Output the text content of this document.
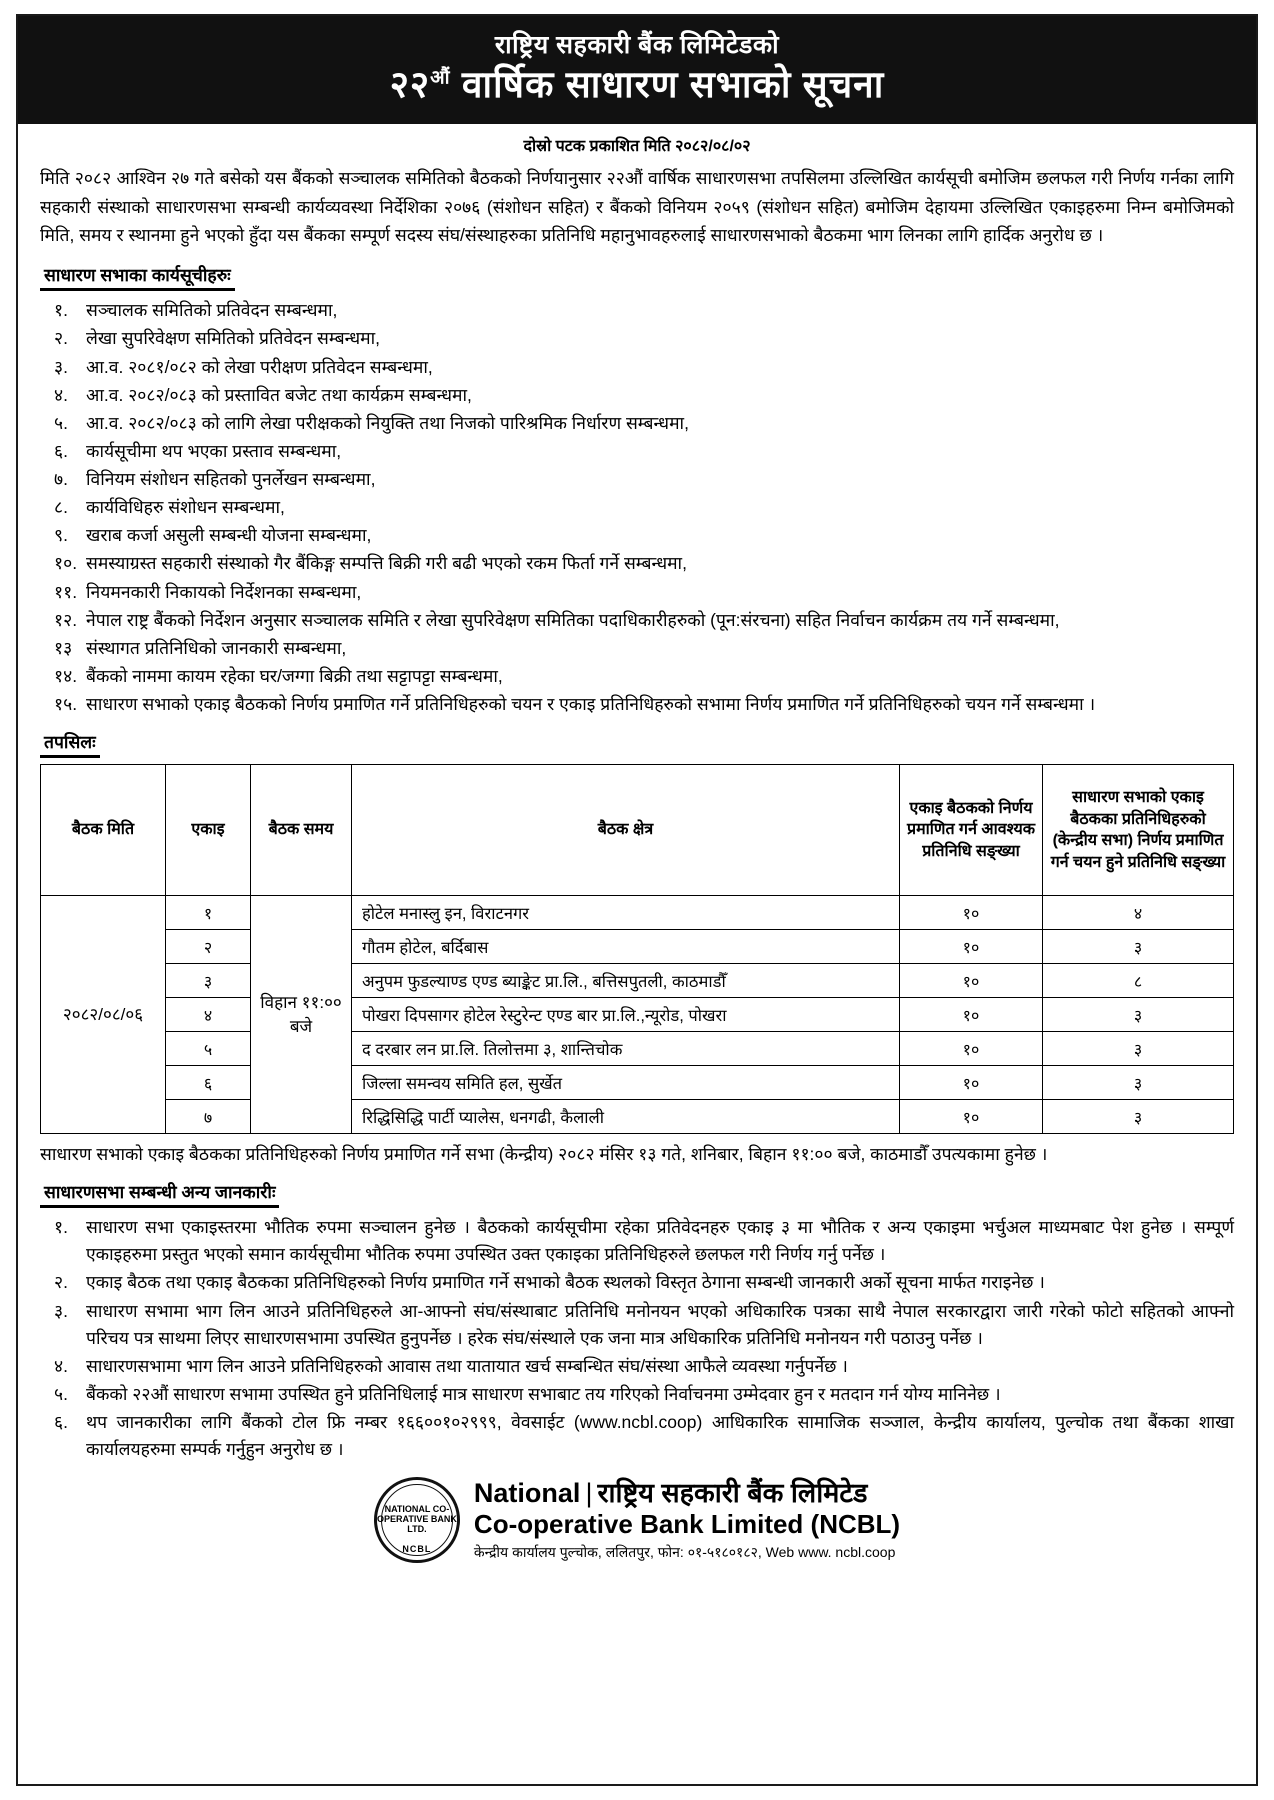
राष्ट्रिय सहकारी बैंक लिमिटेडको
$२२^{औं}$ वार्षिक साधारण सभाको सूचना
दोस्रो पटक प्रकाशित मिति २०८२/०८/०२

मिति २०८२ आश्विन २७ गते बसेको यस बैंकको सञ्चालक समितिको बैठकको निर्णयानुसार २२औं वार्षिक साधारणसभा तपसिलमा उल्लिखित कार्यसूची बमोजिम छलफल गरी निर्णय गर्नका लागि सहकारी संस्थाको साधारणसभा सम्बन्धी कार्यव्यवस्था निर्देशिका २०७६ (संशोधन सहित) र बैंकको विनियम २०५९ (संशोधन सहित) बमोजिम देहायमा उल्लिखित एकाइहरुमा निम्न बमोजिमको मिति, समय र स्थानमा हुने भएको हुँदा यस बैंकका सम्पूर्ण सदस्य संघ/संस्थाहरुका प्रतिनिधि महानुभावहरुलाई साधारणसभाको बैठकमा भाग लिनका लागि हार्दिक अनुरोध छ ।

साधारण सभाका कार्यसूचीहरुः
१.	सञ्चालक समितिको प्रतिवेदन सम्बन्धमा,
२.	लेखा सुपरिवेक्षण समितिको प्रतिवेदन सम्बन्धमा,
३.	आ.व. २०८१/०८२ को लेखा परीक्षण प्रतिवेदन सम्बन्धमा,
४.	आ.व. २०८२/०८३ को प्रस्तावित बजेट तथा कार्यक्रम सम्बन्धमा,
५.	आ.व. २०८२/०८३ को लागि लेखा परीक्षकको नियुक्ति तथा निजको पारिश्रमिक निर्धारण सम्बन्धमा,
६.	कार्यसूचीमा थप भएका प्रस्ताव सम्बन्धमा,
७.	विनियम संशोधन सहितको पुनर्लेखन सम्बन्धमा,
८.	कार्यविधिहरु संशोधन सम्बन्धमा,
९.	खराब कर्जा असुली सम्बन्धी योजना सम्बन्धमा,
१०. समस्याग्रस्त सहकारी संस्थाको गैर बैंकिङ्ग सम्पत्ति बिक्री गरी बढी भएको रकम फिर्ता गर्ने सम्बन्धमा,
११. नियमनकारी निकायको निर्देशनका सम्बन्धमा,
१२. नेपाल राष्ट्र बैंकको निर्देशन अनुसार सञ्चालक समिति र लेखा सुपरिवेक्षण समितिका पदाधिकारीहरुको (पून:संरचना) सहित निर्वाचन कार्यक्रम तय गर्ने सम्बन्धमा,
१३ संस्थागत प्रतिनिधिको जानकारी सम्बन्धमा,
१४. बैंकको नाममा कायम रहेका घर/जग्गा बिक्री तथा सट्टापट्टा सम्बन्धमा,
१५. साधारण सभाको एकाइ बैठकको निर्णय प्रमाणित गर्ने प्रतिनिधिहरुको चयन र एकाइ प्रतिनिधिहरुको सभामा निर्णय प्रमाणित गर्ने प्रतिनिधिहरुको चयन गर्ने सम्बन्धमा ।
तपसिलः
बैठक मिति	एकाइ	बैठक समय	बैठक क्षेत्र	एकाइ बैठकको निर्णय प्रमाणित गर्न आवश्यक प्रतिनिधि सङ्ख्या	साधारण सभाको एकाइ बैठकका प्रतिनिधिहरुको (केन्द्रीय सभा) निर्णय प्रमाणित गर्न चयन हुने प्रतिनिधि सङ्ख्या
२०८२/०८/०६	१	विहान ११:०० बजे	होटेल मनास्लु इन, विराटनगर	१०	४
	२		गौतम होटेल, बर्दिबास	१०	३
	३		अनुपम फुडल्याण्ड एण्ड ब्याङ्केट प्रा.लि., बत्तिसपुतली, काठमाडौँ	१०	८
	४		पोखरा दिपसागर होटेल रेस्टुरेन्ट एण्ड बार प्रा.लि.,न्यूरोड, पोखरा	१०	३
	५		द दरबार लन प्रा.लि. तिलोत्तमा ३, शान्तिचोक	१०	३
	६		जिल्ला समन्वय समिति हल, सुर्खेत	१०	३
	७		रिद्धिसिद्धि पार्टी प्यालेस, धनगढी, कैलाली	१०	३

साधारण सभाको एकाइ बैठकका प्रतिनिधिहरुको निर्णय प्रमाणित गर्ने सभा (केन्द्रीय) २०८२ मंसिर १३ गते, शनिबार, बिहान ११:०० बजे, काठमाडौँ उपत्यकामा हुनेछ ।

साधारणसभा सम्बन्धी अन्य जानकारीः
१.	साधारण सभा एकाइस्तरमा भौतिक रुपमा सञ्चालन हुनेछ । बैठकको कार्यसूचीमा रहेका प्रतिवेदनहरु एकाइ ३ मा भौतिक र अन्य एकाइमा भर्चुअल माध्यमबाट पेश हुनेछ । सम्पूर्ण एकाइहरुमा प्रस्तुत भएको समान कार्यसूचीमा भौतिक रुपमा उपस्थित उक्त एकाइका प्रतिनिधिहरुले छलफल गरी निर्णय गर्नु पर्नेछ ।
२.	एकाइ बैठक तथा एकाइ बैठकका प्रतिनिधिहरुको निर्णय प्रमाणित गर्ने सभाको बैठक स्थलको विस्तृत ठेगाना सम्बन्धी जानकारी अर्को सूचना मार्फत गराइनेछ ।
३.	साधारण सभामा भाग लिन आउने प्रतिनिधिहरुले आ-आफ्नो संघ/संस्थाबाट प्रतिनिधि मनोनयन भएको अधिकारिक पत्रका साथै नेपाल सरकारद्वारा जारी गरेको फोटो सहितको आफ्नो परिचय पत्र साथमा लिएर साधारणसभामा उपस्थित हुनुपर्नेछ । हरेक संघ/संस्थाले एक जना मात्र अधिकारिक प्रतिनिधि मनोनयन गरी पठाउनु पर्नेछ ।
४.	साधारणसभामा भाग लिन आउने प्रतिनिधिहरुको आवास तथा यातायात खर्च सम्बन्धित संघ/संस्था आफैले व्यवस्था गर्नुपर्नेछ ।
५.	बैंकको २२औं साधारण सभामा उपस्थित हुने प्रतिनिधिलाई मात्र साधारण सभाबाट तय गरिएको निर्वाचनमा उम्मेदवार हुन र मतदान गर्न योग्य मानिनेछ ।
६.	थप जानकारीका लागि बैंकको टोल फ्रि नम्बर १६६००१०२९९९, वेवसाईट (www.ncbl.coop) आधिकारिक सामाजिक सञ्जाल, केन्द्रीय कार्यालय, पुल्चोक तथा बैंकका शाखा कार्यालयहरुमा सम्पर्क गर्नुहुन अनुरोध छ ।
NATIONAL CO-OPERATIVE BANK LTD.
NCBL
National | राष्ट्रिय सहकारी बैंक लिमिटेड
Co-operative Bank Limited (NCBL)
केन्द्रीय कार्यालय पुल्चोक, ललितपुर, फोन: ०१-५१८०१८२, Web www. ncbl.coop
